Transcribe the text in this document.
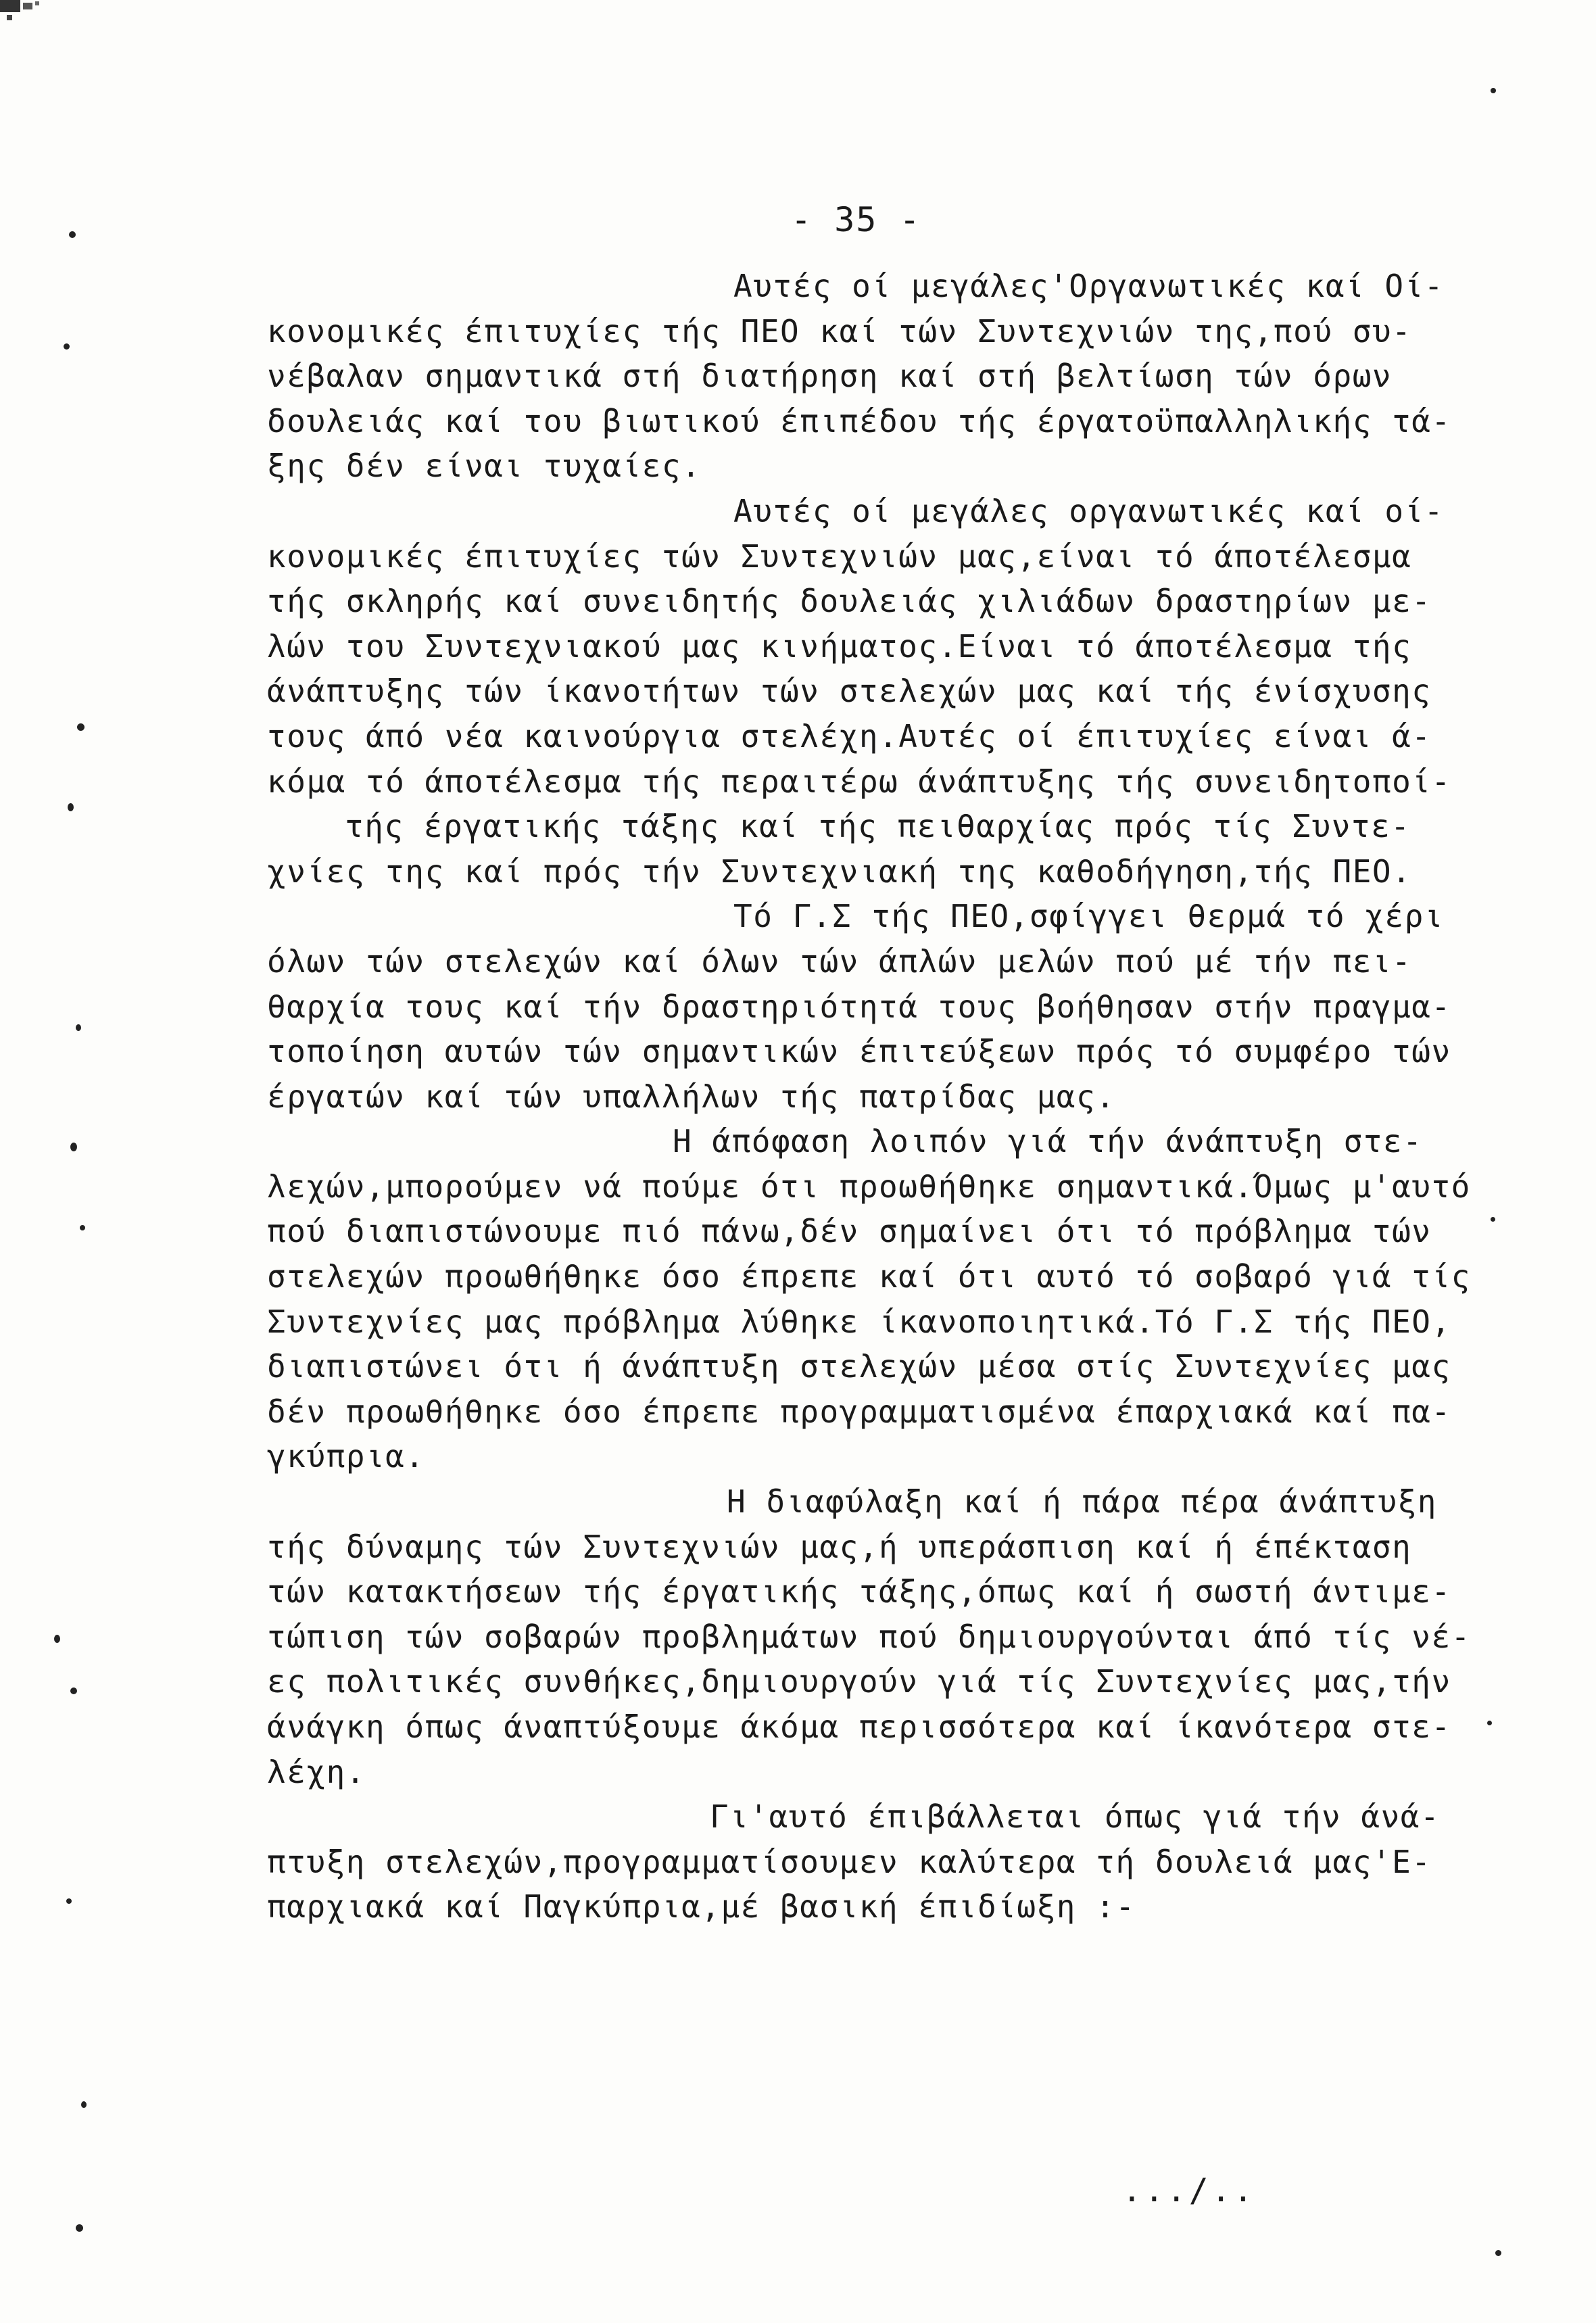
- 35 -
Αυτές οί μεγάλες'Οργανωτικές καί Οί-
κονομικές έπιτυχίες τής ΠΕΟ καί τών Συντεχνιών της,πού συ-
νέβαλαν σημαντικά στή διατήρηση καί στή βελτίωση τών όρων
δουλειάς καί του βιωτικού έπιπέδου τής έργατοϋπαλληλικής τά-
ξης δέν είναι τυχαίες.
Αυτές οί μεγάλες οργανωτικές καί οί-
κονομικές έπιτυχίες τών Συντεχνιών μας,είναι τό άποτέλεσμα
τής σκληρής καί συνειδητής δουλειάς χιλιάδων δραστηρίων με-
λών του Συντεχνιακού μας κινήματος.Είναι τό άποτέλεσμα τής
άνάπτυξης τών ίκανοτήτων τών στελεχών μας καί τής ένίσχυσης
τους άπό νέα καινούργια στελέχη.Αυτές οί έπιτυχίες είναι ά-
κόμα τό άποτέλεσμα τής περαιτέρω άνάπτυξης τής συνειδητοποί-
τής έργατικής τάξης καί τής πειθαρχίας πρός τίς Συντε-
χνίες της καί πρός τήν Συντεχνιακή της καθοδήγηση,τής ΠΕΟ.
Τό Γ.Σ τής ΠΕΟ,σφίγγει θερμά τό χέρι
όλων τών στελεχών καί όλων τών άπλών μελών πού μέ τήν πει-
θαρχία τους καί τήν δραστηριότητά τους βοήθησαν στήν πραγμα-
τοποίηση αυτών τών σημαντικών έπιτεύξεων πρός τό συμφέρο τών
έργατών καί τών υπαλλήλων τής πατρίδας μας.
Η άπόφαση λοιπόν γιά τήν άνάπτυξη στε-
λεχών,μπορούμεν νά πούμε ότι προωθήθηκε σημαντικά.Όμως μ'αυτό
πού διαπιστώνουμε πιό πάνω,δέν σημαίνει ότι τό πρόβλημα τών
στελεχών προωθήθηκε όσο έπρεπε καί ότι αυτό τό σοβαρό γιά τίς
Συντεχνίες μας πρόβλημα λύθηκε ίκανοποιητικά.Τό Γ.Σ τής ΠΕΟ,
διαπιστώνει ότι ή άνάπτυξη στελεχών μέσα στίς Συντεχνίες μας
δέν προωθήθηκε όσο έπρεπε προγραμματισμένα έπαρχιακά καί πα-
γκύπρια.
Η διαφύλαξη καί ή πάρα πέρα άνάπτυξη
τής δύναμης τών Συντεχνιών μας,ή υπεράσπιση καί ή έπέκταση
τών κατακτήσεων τής έργατικής τάξης,όπως καί ή σωστή άντιμε-
τώπιση τών σοβαρών προβλημάτων πού δημιουργούνται άπό τίς νέ-
ες πολιτικές συνθήκες,δημιουργούν γιά τίς Συντεχνίες μας,τήν
άνάγκη όπως άναπτύξουμε άκόμα περισσότερα καί ίκανότερα στε-
λέχη.
Γι'αυτό έπιβάλλεται όπως γιά τήν άνά-
πτυξη στελεχών,προγραμματίσουμεν καλύτερα τή δουλειά μας'Ε-
παρχιακά καί Παγκύπρια,μέ βασική έπιδίωξη :-
.../..
